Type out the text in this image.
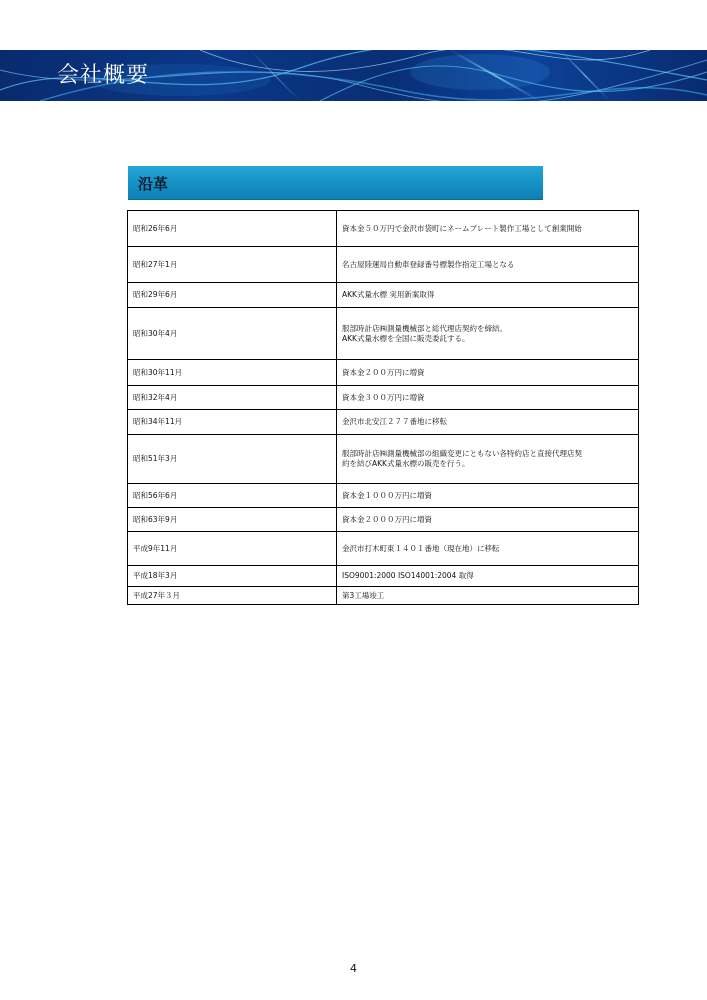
会社概要
沿革
昭和26年6月	資本金５０万円で金沢市袋町にネームプレート製作工場として創業開始
昭和27年1月	名古屋陸運局自動車登録番号標製作指定工場となる
昭和29年6月	AKK式量水標 実用新案取得
昭和30年4月	服部時計店㈱測量機械部と総代理店契約を締結。
AKK式量水標を全国に販売委託する。
昭和30年11月	資本金２００万円に増資
昭和32年4月	資本金３００万円に増資
昭和34年11月	金沢市北安江２７７番地に移転
昭和51年3月	服部時計店㈱測量機械部の組織変更にともない各特約店と直接代理店契
約を結びAKK式量水標の販売を行う。
昭和56年6月	資本金１０００万円に増資
昭和63年9月	資本金２０００万円に増資
平成9年11月	金沢市打木町東１４０１番地（現在地）に移転
平成18年3月	ISO9001:2000 ISO14001:2004 取得
平成27年３月	第3工場竣工
4
